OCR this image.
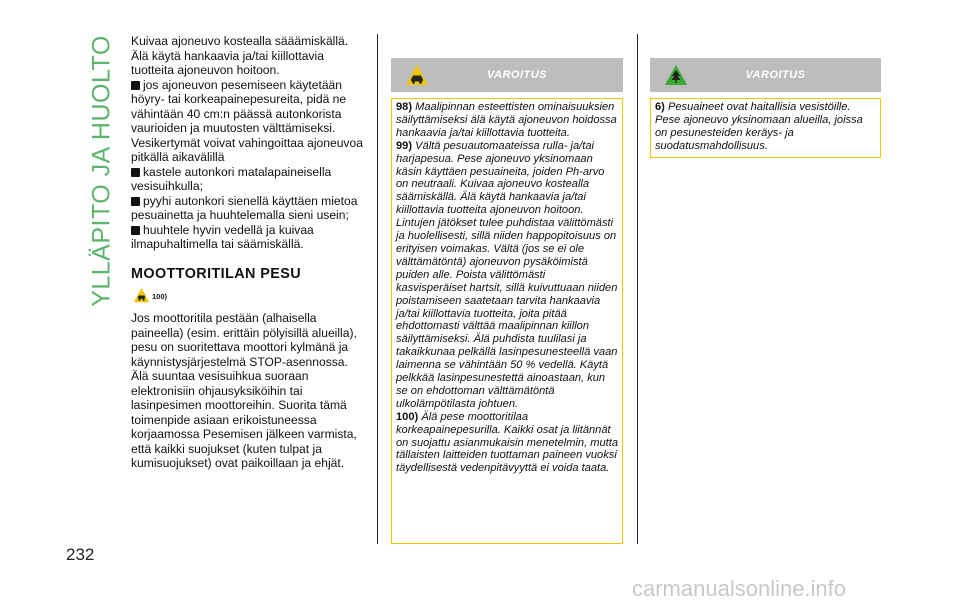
YLLÄPITO JA HUOLTO
232

Kuivaa ajoneuvo kostealla sääämiskällä. Älä käytä hankaavia ja/tai kiillottavia tuotteita ajoneuvon hoitoon.

jos ajoneuvon pesemiseen käytetään höyry- tai korkeapainepesureita, pidä ne vähintään 40 cm:n päässä autonkorista vaurioiden ja muutosten välttämiseksi. Vesikertymät voivat vahingoittaa ajoneuvoa pitkällä aikavälillä

kastele autonkori matalapaineisella vesisuihkulla;

pyyhi autonkori sienellä käyttäen mietoa pesuainetta ja huuhtelemalla sieni usein;

huuhtele hyvin vedellä ja kuivaa ilmapuhaltimella tai säämiskällä.

MOOTTORITILAN PESU
100)

Jos moottoritila pestään (alhaisella paineella) (esim. erittäin pölyisillä alueilla), pesu on suoritettava moottori kylmänä ja käynnistysjärjestelmä STOP-asennossa. Älä suuntaa vesisuihkua suoraan elektronisiin ohjausyksiköihin tai lasinpesimen moottoreihin. Suorita tämä toimenpide asiaan erikoistuneessa korjaamossa Pesemisen jälkeen varmista, että kaikki suojukset (kuten tulpat ja kumisuojukset) ovat paikoillaan ja ehjät.

VAROITUS

98) Maalipinnan esteettisten ominaisuuksien säilyttämiseksi älä käytä ajoneuvon hoidossa hankaavia ja/tai kiillottavia tuotteita.

99) Vältä pesuautomaateissa rulla- ja/tai harjapesua. Pese ajoneuvo yksinomaan käsin käyttäen pesuaineita, joiden Ph-arvo on neutraali. Kuivaa ajoneuvo kostealla säämiskällä. Älä käytä hankaavia ja/tai kiillottavia tuotteita ajoneuvon hoitoon. Lintujen jätökset tulee puhdistaa välittömästi ja huolellisesti, sillä niiden happopitoisuus on erityisen voimakas. Vältä (jos se ei ole välttämätöntä) ajoneuvon pysäköimistä puiden alle. Poista välittömästi kasvisperäiset hartsit, sillä kuivuttuaan niiden poistamiseen saatetaan tarvita hankaavia ja/tai kiillottavia tuotteita, joita pitää ehdottomasti välttää maalipinnan kiillon säilyttämiseksi. Älä puhdista tuulilasi ja takaikkunaa pelkällä lasinpesunesteellä vaan laimenna se vähintään 50 % vedellä. Käytä pelkkää lasinpesunestettä ainoastaan, kun se on ehdottoman välttämätöntä ulkolämpötilasta johtuen.

100) Älä pese moottoritilaa korkeapainepesurilla. Kaikki osat ja liitännät on suojattu asianmukaisin menetelmin, mutta tällaisten laitteiden tuottaman paineen vuoksi täydellisestä vedenpitävyyttä ei voida taata.

VAROITUS

6) Pesuaineet ovat haitallisia vesistöille. Pese ajoneuvo yksinomaan alueilla, joissa on pesunesteiden keräys- ja suodatusmahdollisuus.

carmanualsonline.info
